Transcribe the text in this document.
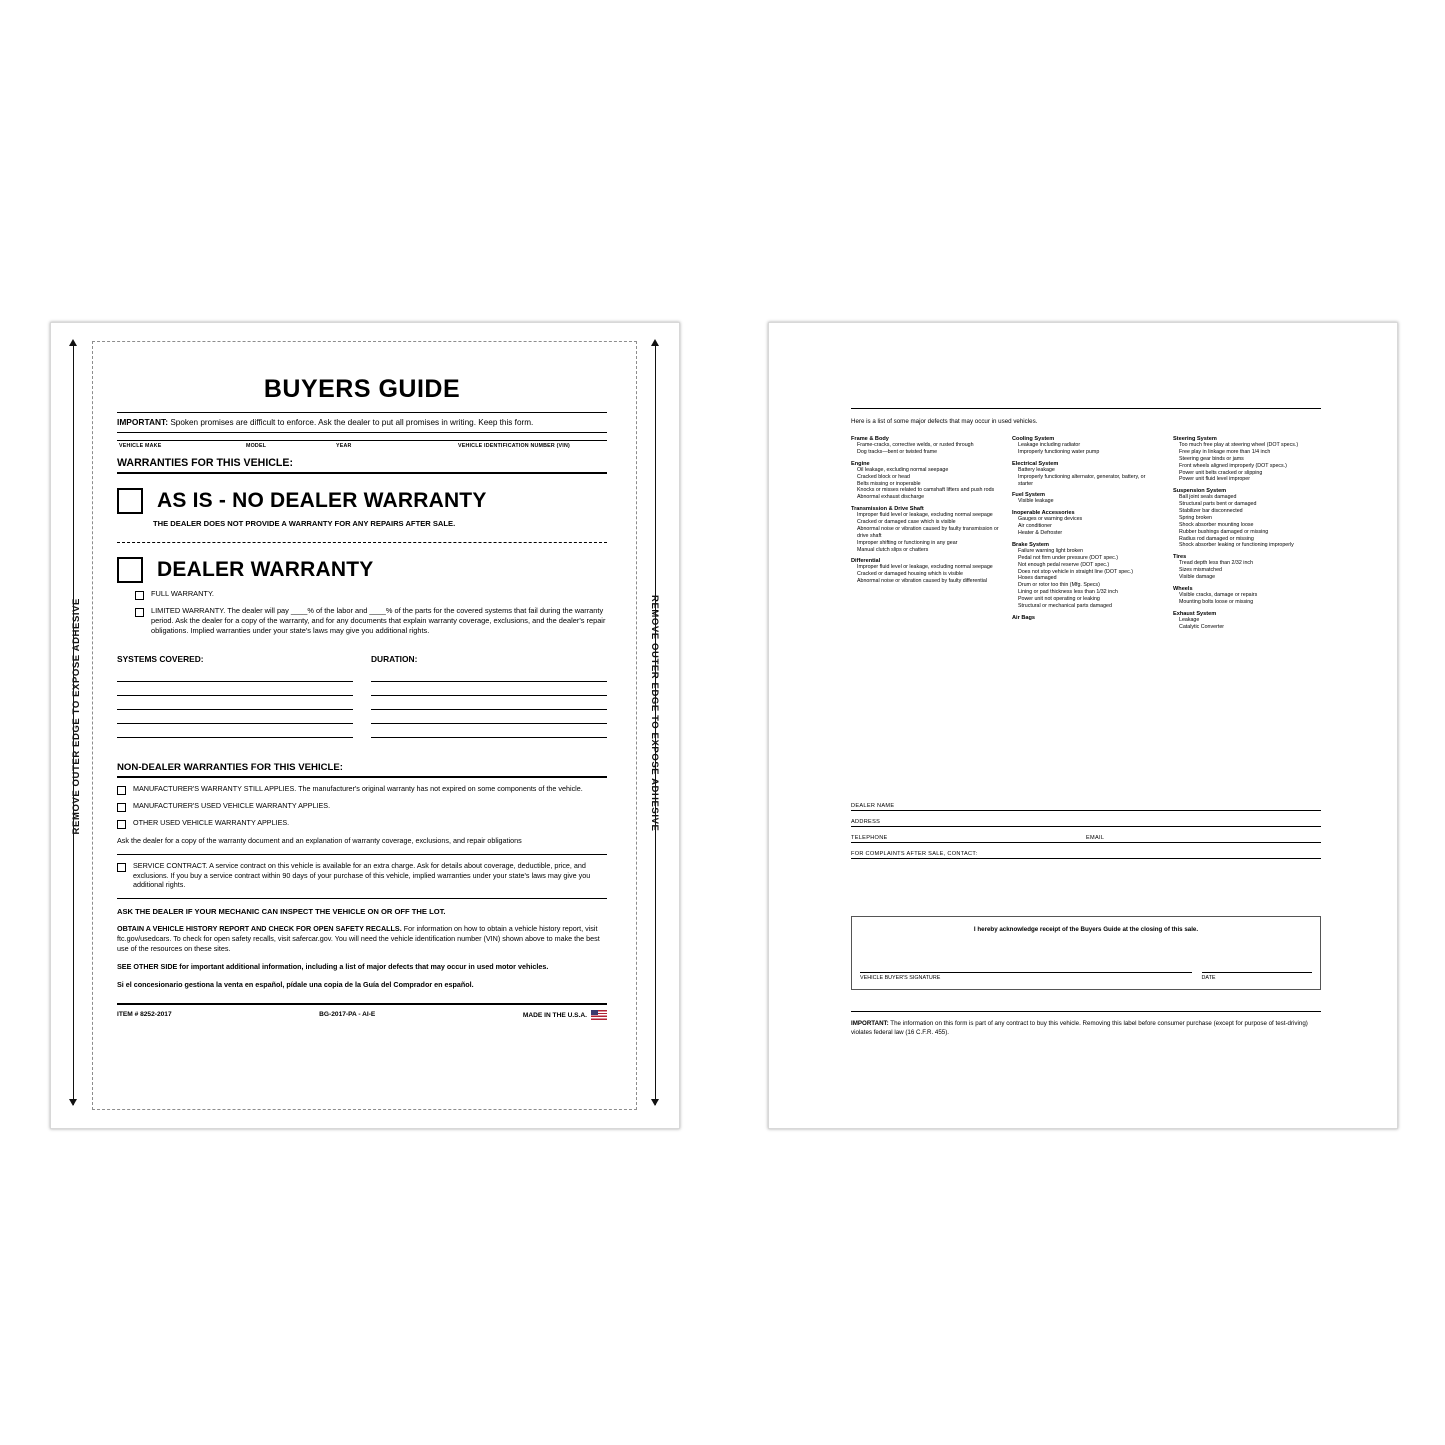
REMOVE OUTER EDGE TO EXPOSE ADHESIVE	REMOVE OUTER EDGE TO EXPOSE ADHESIVE
BUYERS GUIDE
IMPORTANT: Spoken promises are difficult to enforce. Ask the dealer to put all promises in writing. Keep this form.
VEHICLE MAKE	MODEL	YEAR	VEHICLE IDENTIFICATION NUMBER (VIN)
WARRANTIES FOR THIS VEHICLE:
AS IS - NO DEALER WARRANTY
THE DEALER DOES NOT PROVIDE A WARRANTY FOR ANY REPAIRS AFTER SALE.
DEALER WARRANTY
FULL WARRANTY.
LIMITED WARRANTY. The dealer will pay ____% of the labor and ____% of the parts for the covered systems that fail during the warranty period. Ask the dealer for a copy of the warranty, and for any documents that explain warranty coverage, exclusions, and the dealer's repair obligations. Implied warranties under your state's laws may give you additional rights.
SYSTEMS COVERED:	DURATION:
NON-DEALER WARRANTIES FOR THIS VEHICLE:
MANUFACTURER'S WARRANTY STILL APPLIES. The manufacturer's original warranty has not expired on some components of the vehicle.
MANUFACTURER'S USED VEHICLE WARRANTY APPLIES.
OTHER USED VEHICLE WARRANTY APPLIES.
Ask the dealer for a copy of the warranty document and an explanation of warranty coverage, exclusions, and repair obligations
SERVICE CONTRACT. A service contract on this vehicle is available for an extra charge. Ask for details about coverage, deductible, price, and exclusions. If you buy a service contract within 90 days of your purchase of this vehicle, implied warranties under your state's laws may give you additional rights.
ASK THE DEALER IF YOUR MECHANIC CAN INSPECT THE VEHICLE ON OR OFF THE LOT.
OBTAIN A VEHICLE HISTORY REPORT AND CHECK FOR OPEN SAFETY RECALLS. For information on how to obtain a vehicle history report, visit ftc.gov/usedcars. To check for open safety recalls, visit safercar.gov. You will need the vehicle identification number (VIN) shown above to make the best use of the resources on these sites.
SEE OTHER SIDE for important additional information, including a list of major defects that may occur in used motor vehicles.
Si el concesionario gestiona la venta en español, pídale una copia de la Guía del Comprador en español.
ITEM # 8252-2017	BG-2017-PA - AI-E	MADE IN THE U.S.A.
Here is a list of some major defects that may occur in used vehicles.
Frame & Body
Frame-cracks, corrective welds, or rusted through
Dog tracks—bent or twisted frame
Engine
Oil leakage, excluding normal seepage
Cracked block or head
Belts missing or inoperable
Knocks or misses related to camshaft lifters and push rods
Abnormal exhaust discharge
Transmission & Drive Shaft
Improper fluid level or leakage, excluding normal seepage
Cracked or damaged case which is visible
Abnormal noise or vibration caused by faulty transmission or drive shaft
Improper shifting or functioning in any gear
Manual clutch slips or chatters
Differential
Improper fluid level or leakage, excluding normal seepage
Cracked or damaged housing which is visible
Abnormal noise or vibration caused by faulty differential
Cooling System
Leakage including radiator
Improperly functioning water pump
Electrical System
Battery leakage
Improperly functioning alternator, generator, battery, or starter
Fuel System
Visible leakage
Inoperable Accessories
Gauges or warning devices
Air conditioner
Heater & Defroster
Brake System
Failure warning light broken
Pedal not firm under pressure (DOT spec.)
Not enough pedal reserve (DOT spec.)
Does not stop vehicle in straight line (DOT spec.)
Hoses damaged
Drum or rotor too thin (Mfg. Specs)
Lining or pad thickness less than 1/32 inch
Power unit not operating or leaking
Structural or mechanical parts damaged
Air Bags
Steering System
Too much free play at steering wheel (DOT specs.)
Free play in linkage more than 1/4 inch
Steering gear binds or jams
Front wheels aligned improperly (DOT specs.)
Power unit belts cracked or slipping
Power unit fluid level improper
Suspension System
Ball joint seals damaged
Structural parts bent or damaged
Stabilizer bar disconnected
Spring broken
Shock absorber mounting loose
Rubber bushings damaged or missing
Radius rod damaged or missing
Shock absorber leaking or functioning improperly
Tires
Tread depth less than 2/32 inch
Sizes mismatched
Visible damage
Wheels
Visible cracks, damage or repairs
Mounting bolts loose or missing
Exhaust System
Leakage
Catalytic Converter
DEALER NAME
ADDRESS
TELEPHONE	EMAIL
FOR COMPLAINTS AFTER SALE, CONTACT:
I hereby acknowledge receipt of the Buyers Guide at the closing of this sale.
VEHICLE BUYER'S SIGNATURE	DATE
IMPORTANT: The information on this form is part of any contract to buy this vehicle. Removing this label before consumer purchase (except for purpose of test-driving) violates federal law (16 C.F.R. 455).
